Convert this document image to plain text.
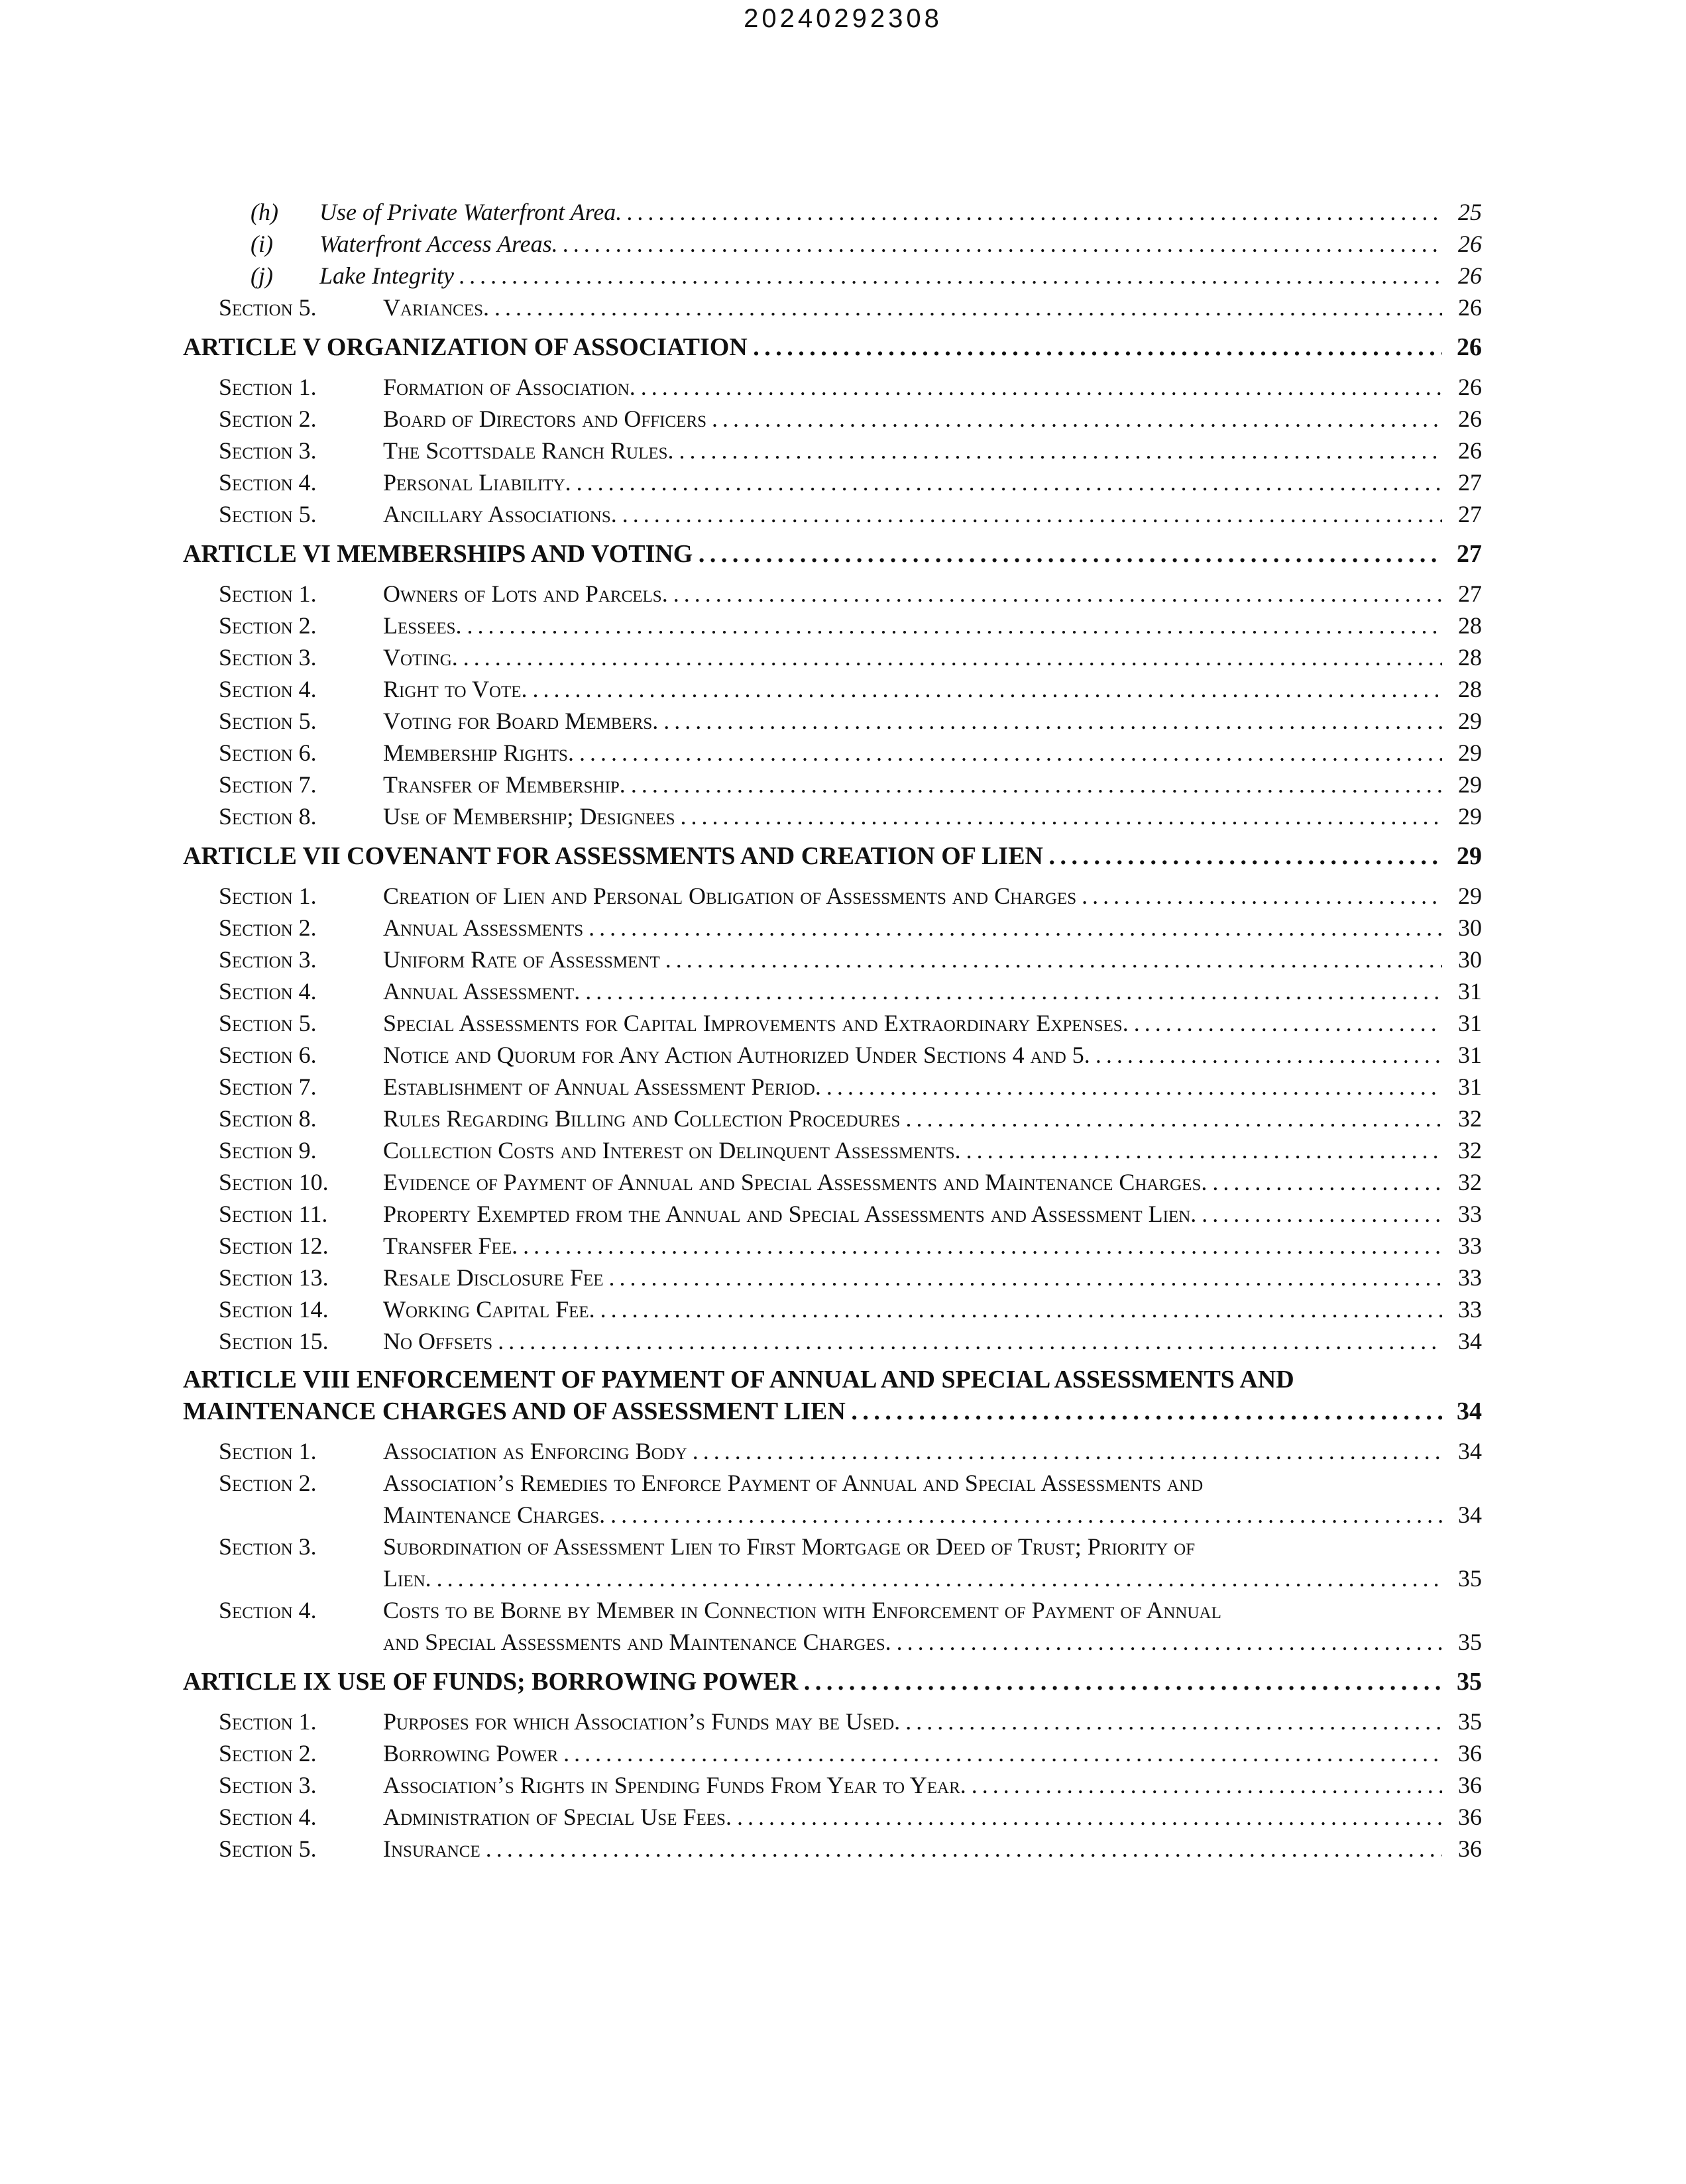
20240292308
(h) Use of Private Waterfront Area. . . .	25
(i) Waterfront Access Areas. . . .	26
(j) Lake Integrity . . .	26
Section 5.	Variances. . . .	26
ARTICLE V ORGANIZATION OF ASSOCIATION . . .	26
Section 1.	Formation of Association. . . .	26
Section 2.	Board of Directors and Officers . . .	26
Section 3.	The Scottsdale Ranch Rules. . . .	26
Section 4.	Personal Liability. . . .	27
Section 5.	Ancillary Associations. . . .	27
ARTICLE VI MEMBERSHIPS AND VOTING . . .	27
Section 1.	Owners of Lots and Parcels. . . .	27
Section 2.	Lessees. . . .	28
Section 3.	Voting. . . .	28
Section 4.	Right to Vote. . . .	28
Section 5.	Voting for Board Members. . . .	29
Section 6.	Membership Rights. . . .	29
Section 7.	Transfer of Membership. . . .	29
Section 8.	Use of Membership; Designees . . .	29
ARTICLE VII COVENANT FOR ASSESSMENTS AND CREATION OF LIEN . . .	29
Section 1.	Creation of Lien and Personal Obligation of Assessments and Charges . . .	29
Section 2.	Annual Assessments . . .	30
Section 3.	Uniform Rate of Assessment . . .	30
Section 4.	Annual Assessment. . . .	31
Section 5.	Special Assessments for Capital Improvements and Extraordinary Expenses. . . .	31
Section 6.	Notice and Quorum for Any Action Authorized Under Sections 4 and 5. . . .	31
Section 7.	Establishment of Annual Assessment Period. . . .	31
Section 8.	Rules Regarding Billing and Collection Procedures . . .	32
Section 9.	Collection Costs and Interest on Delinquent Assessments. . . .	32
Section 10. Evidence of Payment of Annual and Special Assessments and Maintenance Charges. . . .	32
Section 11. Property Exempted from the Annual and Special Assessments and Assessment Lien. . . .	33
Section 12. Transfer Fee. . . .	33
Section 13. Resale Disclosure Fee . . .	33
Section 14. Working Capital Fee. . . .	33
Section 15. No Offsets . . .	34
ARTICLE VIII ENFORCEMENT OF PAYMENT OF ANNUAL AND SPECIAL ASSESSMENTS AND
MAINTENANCE CHARGES AND OF ASSESSMENT LIEN . . .	34
Section 1.	Association as Enforcing Body . . .	34
Section 2.	Association’s Remedies to Enforce Payment of Annual and Special Assessments and
Maintenance Charges. . . .	34
Section 3.	Subordination of Assessment Lien to First Mortgage or Deed of Trust; Priority of
Lien. . . .	35
Section 4.	Costs to be Borne by Member in Connection with Enforcement of Payment of Annual
and Special Assessments and Maintenance Charges. . . .	35
ARTICLE IX USE OF FUNDS; BORROWING POWER . . .	35
Section 1.	Purposes for which Association’s Funds may be Used. . . .	35
Section 2.	Borrowing Power . . .	36
Section 3.	Association’s Rights in Spending Funds From Year to Year. . . .	36
Section 4.	Administration of Special Use Fees. . . .	36
Section 5.	Insurance . . .	36
